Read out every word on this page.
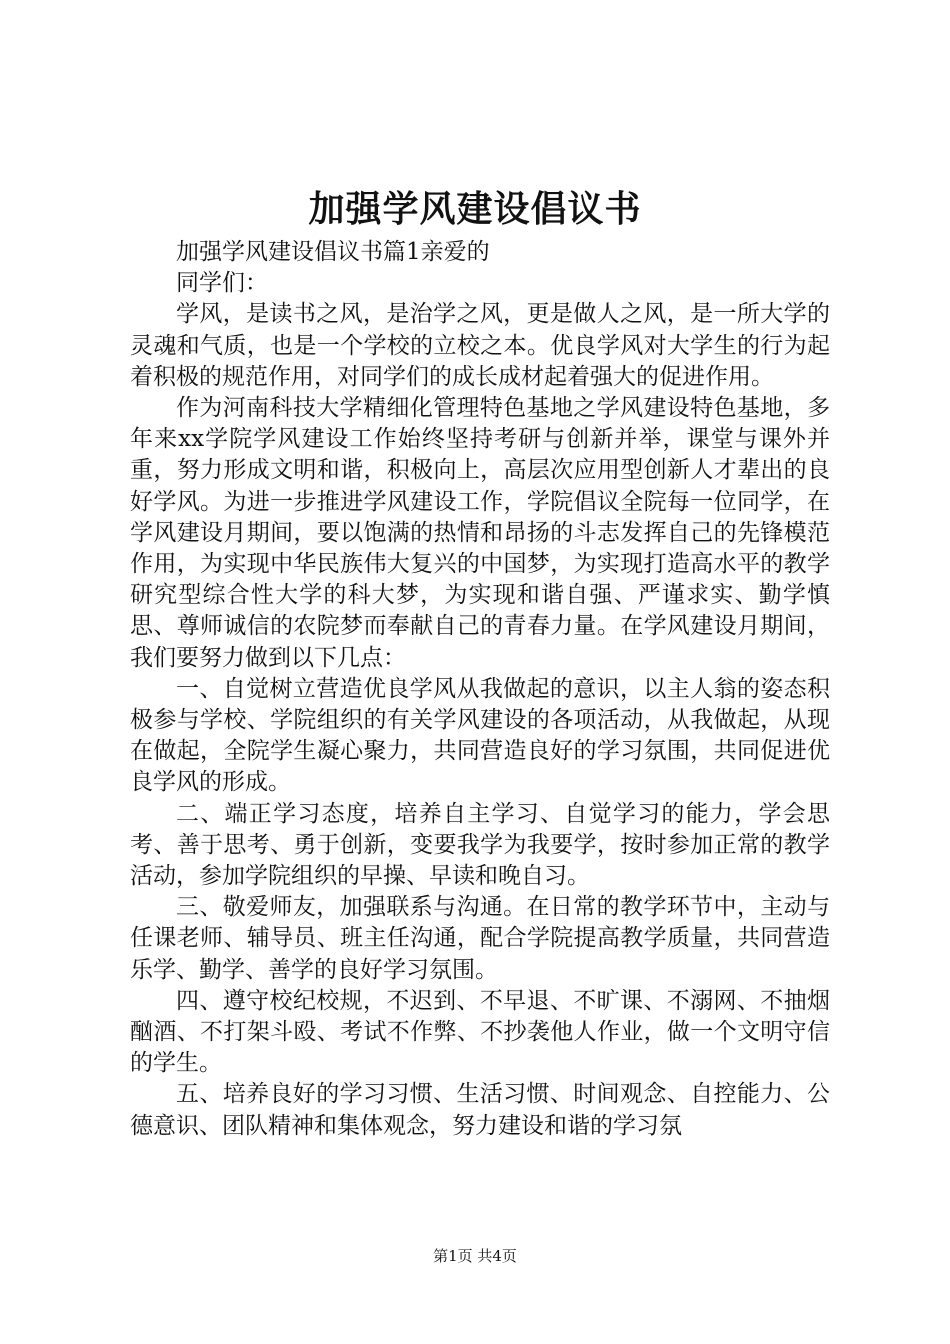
加强学风建设倡议书

加强学风建设倡议书篇1亲爱的

同学们：

学风，是读书之风，是治学之风，更是做人之风，是一所大学的灵魂和气质，也是一个学校的立校之本。优良学风对大学生的行为起着积极的规范作用，对同学们的成长成材起着强大的促进作用。

作为河南科技大学精细化管理特色基地之学风建设特色基地，多年来xx学院学风建设工作始终坚持考研与创新并举，课堂与课外并重，努力形成文明和谐，积极向上，高层次应用型创新人才辈出的良好学风。为进一步推进学风建设工作，学院倡议全院每一位同学，在学风建设月期间，要以饱满的热情和昂扬的斗志发挥自己的先锋模范作用，为实现中华民族伟大复兴的中国梦，为实现打造高水平的教学研究型综合性大学的科大梦，为实现和谐自强、严谨求实、勤学慎思、尊师诚信的农院梦而奉献自己的青春力量。在学风建设月期间，我们要努力做到以下几点：

一、自觉树立营造优良学风从我做起的意识，以主人翁的姿态积极参与学校、学院组织的有关学风建设的各项活动，从我做起，从现在做起，全院学生凝心聚力，共同营造良好的学习氛围，共同促进优良学风的形成。

二、端正学习态度，培养自主学习、自觉学习的能力，学会思考、善于思考、勇于创新，变要我学为我要学，按时参加正常的教学活动，参加学院组织的早操、早读和晚自习。

三、敬爱师友，加强联系与沟通。在日常的教学环节中，主动与任课老师、辅导员、班主任沟通，配合学院提高教学质量，共同营造乐学、勤学、善学的良好学习氛围。

四、遵守校纪校规，不迟到、不早退、不旷课、不溺网、不抽烟酗酒、不打架斗殴、考试不作弊、不抄袭他人作业，做一个文明守信的学生。

五、培养良好的学习习惯、生活习惯、时间观念、自控能力、公德意识、团队精神和集体观念，努力建设和谐的学习氛

第1页 共4页
